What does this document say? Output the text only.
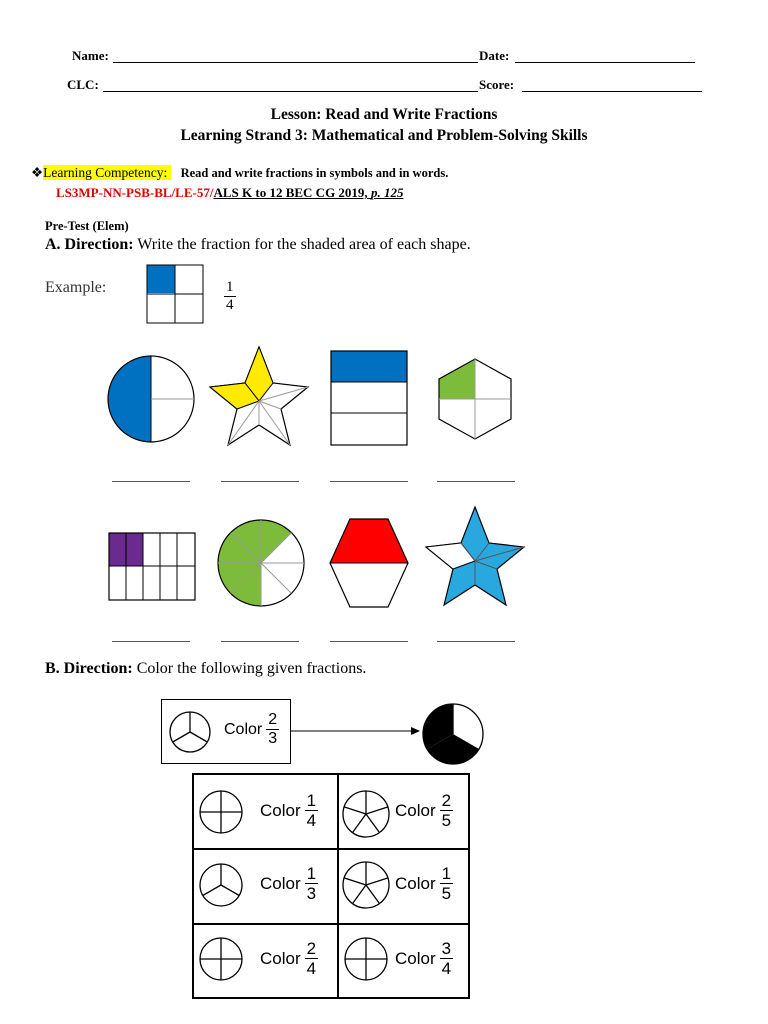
Name:	Date:
CLC:	Score:
Lesson: Read and Write Fractions
Learning Strand 3: Mathematical and Problem-Solving Skills
❖Learning Competency: Read and write fractions in symbols and in words.
LS3MP-NN-PSB-BL/LE-57/ALS K to 12 BEC CG 2019, p. 125
Pre-Test (Elem)
A. Direction: Write the fraction for the shaded area of each shape.
Example:	$\frac{1}{4}$
B. Direction: Color the following given fractions.
Color $\frac{2}{3}$
Color $\frac{1}{4}$	Color $\frac{2}{5}$
Color $\frac{1}{3}$	Color $\frac{1}{5}$
Color $\frac{2}{4}$	Color $\frac{3}{4}$
